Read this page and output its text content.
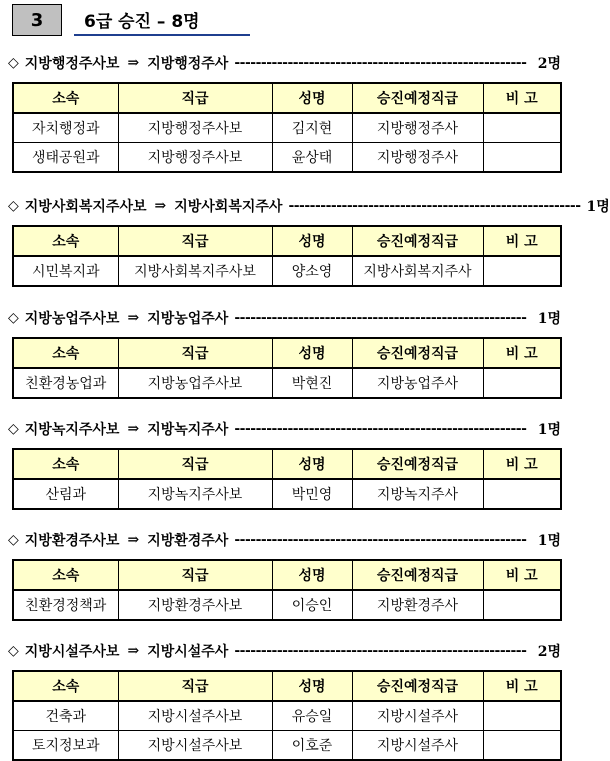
3	6급 승진 – 8명
◇ 지방행정주사보 ⇒ 지방행정주사 ------------------------------------------------------- 2명
소속	직급	성명	승진예정직급	비 고
자치행정과	지방행정주사보	김지현	지방행정주사	
생태공원과	지방행정주사보	윤상태	지방행정주사	
◇ 지방사회복지주사보 ⇒ 지방사회복지주사 ------------------------------------------------------- 1명
소속	직급	성명	승진예정직급	비 고
시민복지과	지방사회복지주사보	양소영	지방사회복지주사	
◇ 지방농업주사보 ⇒ 지방농업주사 ------------------------------------------------------- 1명
소속	직급	성명	승진예정직급	비 고
친환경농업과	지방농업주사보	박현진	지방농업주사	
◇ 지방녹지주사보 ⇒ 지방녹지주사 ------------------------------------------------------- 1명
소속	직급	성명	승진예정직급	비 고
산림과	지방녹지주사보	박민영	지방녹지주사	
◇ 지방환경주사보 ⇒ 지방환경주사 ------------------------------------------------------- 1명
소속	직급	성명	승진예정직급	비 고
친환경정책과	지방환경주사보	이승인	지방환경주사	
◇ 지방시설주사보 ⇒ 지방시설주사 ------------------------------------------------------- 2명
소속	직급	성명	승진예정직급	비 고
건축과	지방시설주사보	유승일	지방시설주사	
토지정보과	지방시설주사보	이호준	지방시설주사	
